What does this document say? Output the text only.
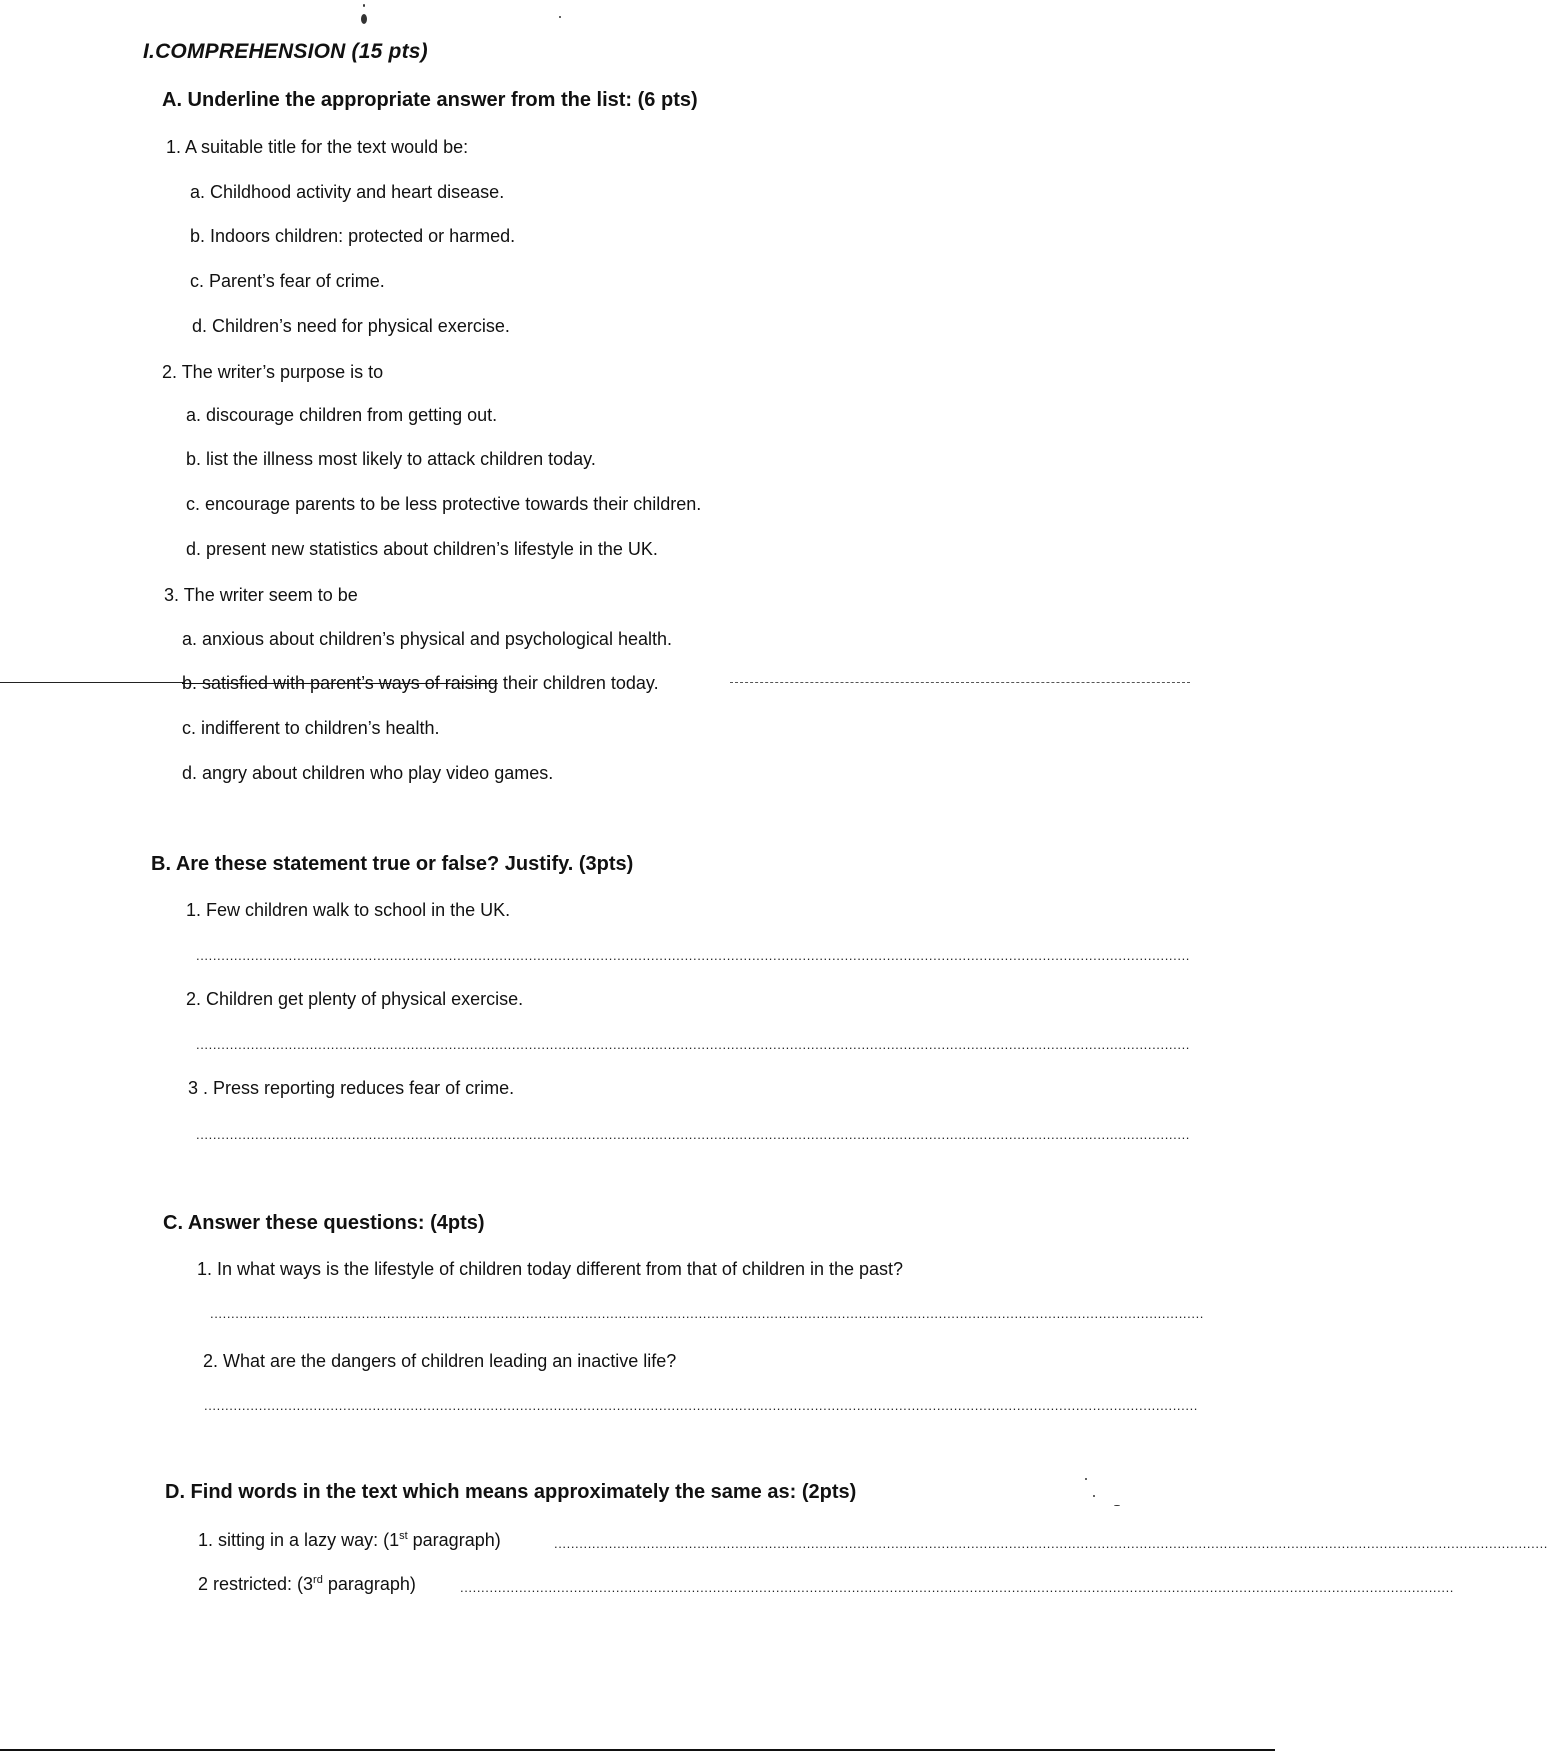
I.COMPREHENSION (15 pts)
A. Underline the appropriate answer from the list: (6 pts)
1. A suitable title for the text would be:
a. Childhood activity and heart disease.
b. Indoors children: protected or harmed.
c. Parent’s fear of crime.
d. Children’s need for physical exercise.
2. The writer’s purpose is to
a. discourage children from getting out.
b. list the illness most likely to attack children today.
c. encourage parents to be less protective towards their children.
d. present new statistics about children’s lifestyle in the UK.
3. The writer seem to be
a. anxious about children’s physical and psychological health.
b. satisfied with parent’s ways of raising their children today.
c. indifferent to children’s health.
d. angry about children who play video games.
B. Are these statement true or false? Justify. (3pts)
1. Few children walk to school in the UK.
............................................................................................................................................................................................................................................
2. Children get plenty of physical exercise.
............................................................................................................................................................................................................................................
3 . Press reporting reduces fear of crime.
............................................................................................................................................................................................................................................
C. Answer these questions: (4pts)
1. In what ways is the lifestyle of children today different from that of children in the past?
............................................................................................................................................................................................................................................
2. What are the dangers of children leading an inactive life?
............................................................................................................................................................................................................................................
D. Find words in the text which means approximately the same as: (2pts)
1. sitting in a lazy way: (1st paragraph)	............................................................................................................................................................................................................................................
2 restricted: (3rd paragraph)	............................................................................................................................................................................................................................................
